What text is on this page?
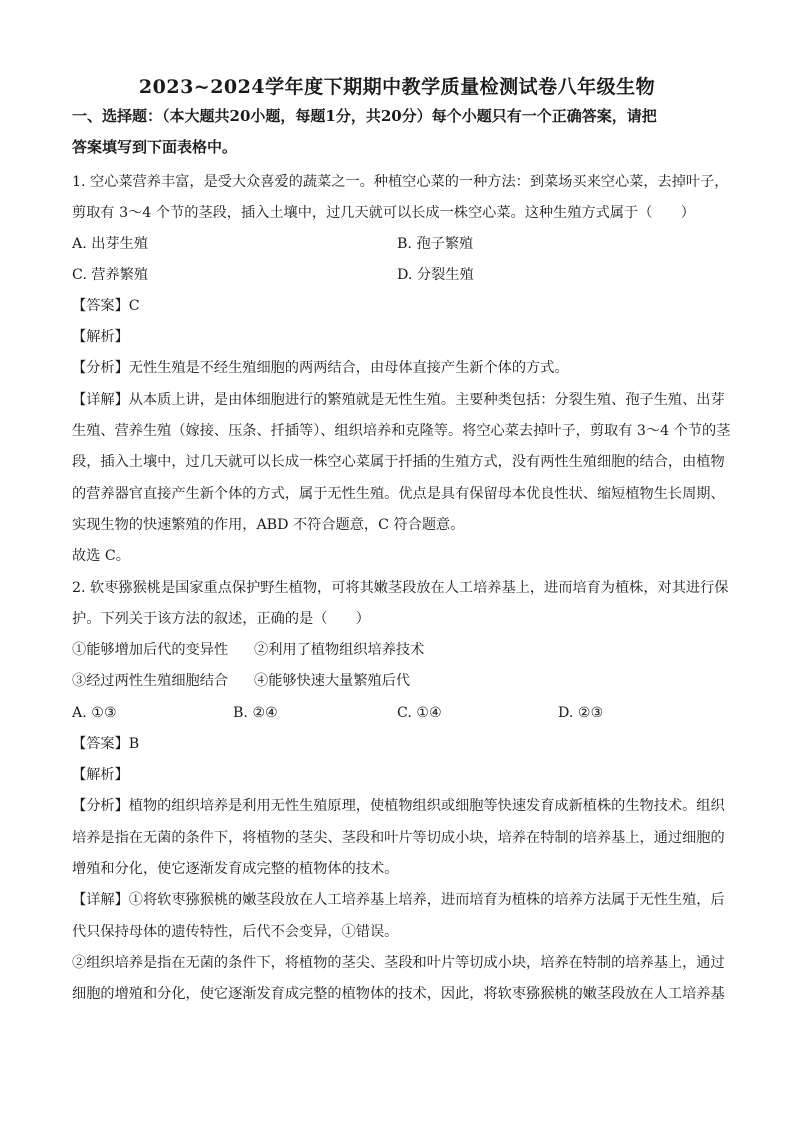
2023~2024学年度下期期中教学质量检测试卷八年级生物
一、选择题：（本大题共20小题，每题1分，共20分）每个小题只有一个正确答案，请把
答案填写到下面表格中。
1. 空心菜营养丰富，是受大众喜爱的蔬菜之一。种植空心菜的一种方法：到菜场买来空心菜，去掉叶子，
剪取有 3～4 个节的茎段，插入土壤中，过几天就可以长成一株空心菜。这种生殖方式属于（　　）
A. 出芽生殖	B. 孢子繁殖
C. 营养繁殖	D. 分裂生殖
【答案】C
【解析】
【分析】无性生殖是不经生殖细胞的两两结合，由母体直接产生新个体的方式。
【详解】从本质上讲，是由体细胞进行的繁殖就是无性生殖。主要种类包括：分裂生殖、孢子生殖、出芽
生殖、营养生殖（嫁接、压条、扦插等）、组织培养和克隆等。将空心菜去掉叶子，剪取有 3～4 个节的茎
段，插入土壤中，过几天就可以长成一株空心菜属于扦插的生殖方式，没有两性生殖细胞的结合，由植物
的营养器官直接产生新个体的方式，属于无性生殖。优点是具有保留母本优良性状、缩短植物生长周期、
实现生物的快速繁殖的作用，ABD 不符合题意，C 符合题意。
故选 C。
2. 软枣猕猴桃是国家重点保护野生植物，可将其嫩茎段放在人工培养基上，进而培育为植株，对其进行保
护。下列关于该方法的叙述，正确的是（　　）
①能够增加后代的变异性 ②利用了植物组织培养技术
③经过两性生殖细胞结合 ④能够快速大量繁殖后代
A. ①③	B. ②④	C. ①④	D. ②③
【答案】B
【解析】
【分析】植物的组织培养是利用无性生殖原理，使植物组织或细胞等快速发育成新植株的生物技术。组织
培养是指在无菌的条件下，将植物的茎尖、茎段和叶片等切成小块，培养在特制的培养基上，通过细胞的
增殖和分化，使它逐渐发育成完整的植物体的技术。
【详解】①将软枣猕猴桃的嫩茎段放在人工培养基上培养，进而培育为植株的培养方法属于无性生殖，后
代只保持母体的遗传特性，后代不会变异，①错误。
②组织培养是指在无菌的条件下，将植物的茎尖、茎段和叶片等切成小块，培养在特制的培养基上，通过
细胞的增殖和分化，使它逐渐发育成完整的植物体的技术，因此，将软枣猕猴桃的嫩茎段放在人工培养基
